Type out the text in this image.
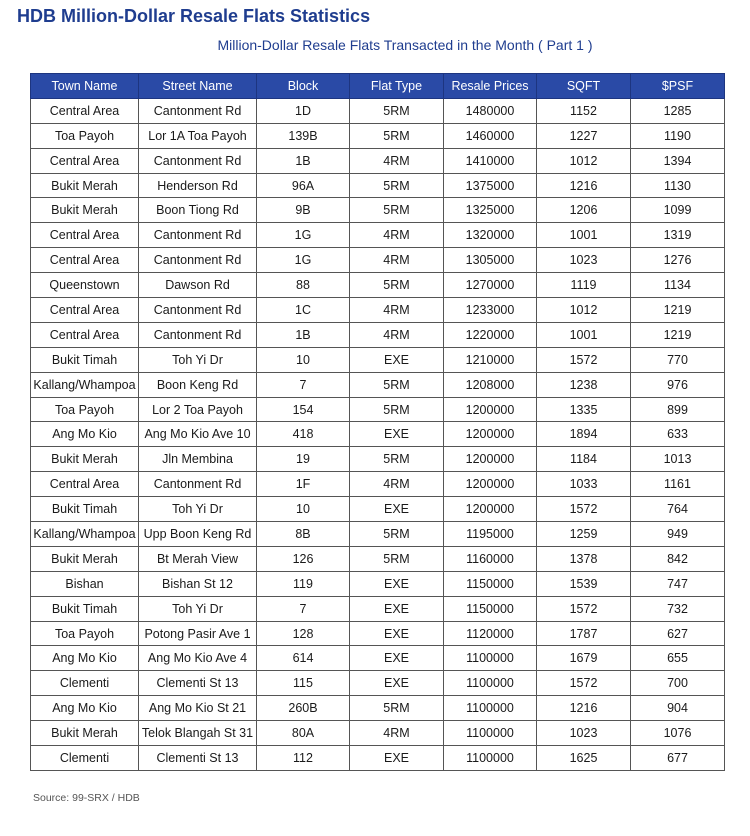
HDB Million-Dollar Resale Flats Statistics
Million-Dollar Resale Flats Transacted in the Month ( Part 1 )
Town Name	Street Name	Block	Flat Type	Resale Prices	SQFT	$PSF
Central Area	Cantonment Rd	1D	5RM	1480000	1152	1285
Toa Payoh	Lor 1A Toa Payoh	139B	5RM	1460000	1227	1190
Central Area	Cantonment Rd	1B	4RM	1410000	1012	1394
Bukit Merah	Henderson Rd	96A	5RM	1375000	1216	1130
Bukit Merah	Boon Tiong Rd	9B	5RM	1325000	1206	1099
Central Area	Cantonment Rd	1G	4RM	1320000	1001	1319
Central Area	Cantonment Rd	1G	4RM	1305000	1023	1276
Queenstown	Dawson Rd	88	5RM	1270000	1119	1134
Central Area	Cantonment Rd	1C	4RM	1233000	1012	1219
Central Area	Cantonment Rd	1B	4RM	1220000	1001	1219
Bukit Timah	Toh Yi Dr	10	EXE	1210000	1572	770
Kallang/Whampoa	Boon Keng Rd	7	5RM	1208000	1238	976
Toa Payoh	Lor 2 Toa Payoh	154	5RM	1200000	1335	899
Ang Mo Kio	Ang Mo Kio Ave 10	418	EXE	1200000	1894	633
Bukit Merah	Jln Membina	19	5RM	1200000	1184	1013
Central Area	Cantonment Rd	1F	4RM	1200000	1033	1161
Bukit Timah	Toh Yi Dr	10	EXE	1200000	1572	764
Kallang/Whampoa	Upp Boon Keng Rd	8B	5RM	1195000	1259	949
Bukit Merah	Bt Merah View	126	5RM	1160000	1378	842
Bishan	Bishan St 12	119	EXE	1150000	1539	747
Bukit Timah	Toh Yi Dr	7	EXE	1150000	1572	732
Toa Payoh	Potong Pasir Ave 1	128	EXE	1120000	1787	627
Ang Mo Kio	Ang Mo Kio Ave 4	614	EXE	1100000	1679	655
Clementi	Clementi St 13	115	EXE	1100000	1572	700
Ang Mo Kio	Ang Mo Kio St 21	260B	5RM	1100000	1216	904
Bukit Merah	Telok Blangah St 31	80A	4RM	1100000	1023	1076
Clementi	Clementi St 13	112	EXE	1100000	1625	677
Source: 99-SRX / HDB
